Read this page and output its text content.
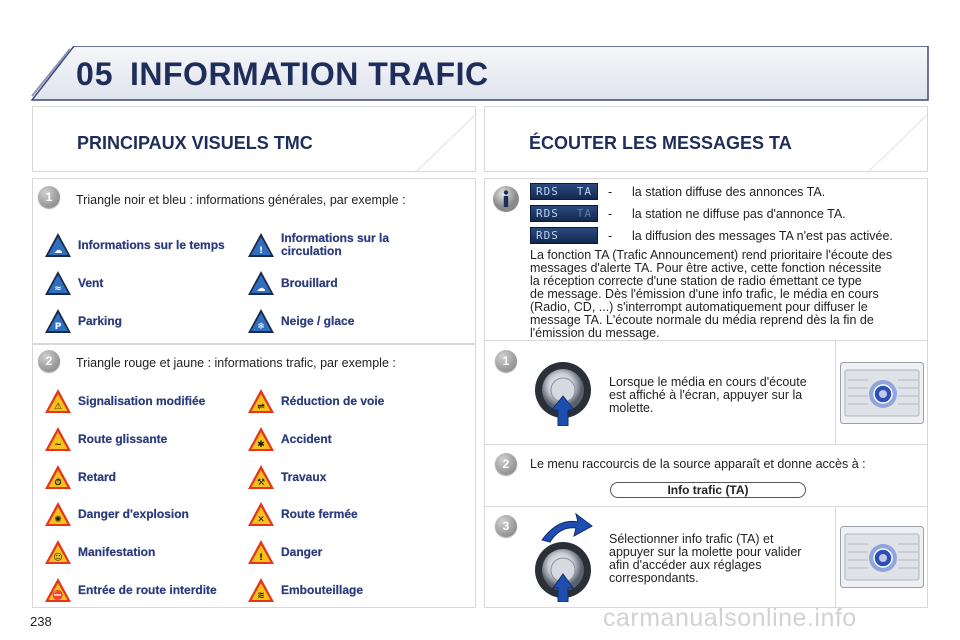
05 INFORMATION TRAFIC
PRINCIPAUX VISUELS TMC
1	Triangle noir et bleu : informations générales, par exemple :
2	Triangle rouge et jaune : informations trafic, par exemple :
☁ Informations sur le temps	!
Informations sur la circulation
≈ Vent	☁ Brouillard
P Parking	❄ Neige / glace
⚠ Signalisation modifiée	⇌ Réduction de voie
~ Route glissante	✱ Accident
⏱ Retard	⚒ Travaux
✺ Danger d'explosion	✕ Route fermée
☺ Manifestation	! Danger
⛔ Entrée de route interdite	≋ Embouteillage
ÉCOUTER LES MESSAGES TA
RDS TA - la station diffuse des annonces TA.
RDS TA - la station ne diffuse pas d'annonce TA.
RDS	- la diffusion des messages TA n'est pas activée.
La fonction TA (Trafic Announcement) rend prioritaire l'écoute des
messages d'alerte TA. Pour être active, cette fonction nécessite
la réception correcte d'une station de radio émettant ce type
de message. Dès l'émission d'une info trafic, le média en cours
(Radio, CD, ...) s'interrompt automatiquement pour diffuser le
message TA. L'écoute normale du média reprend dès la fin de
l'émission du message.
1
Lorsque le média en cours d'écoute
est affiché à l'écran, appuyer sur la
molette.
2	Le menu raccourcis de la source apparaît et donne accès à :
Info trafic (TA)
3
Sélectionner info trafic (TA) et
appuyer sur la molette pour valider
afin d'accéder aux réglages
correspondants.
238	carmanualsonline.info
